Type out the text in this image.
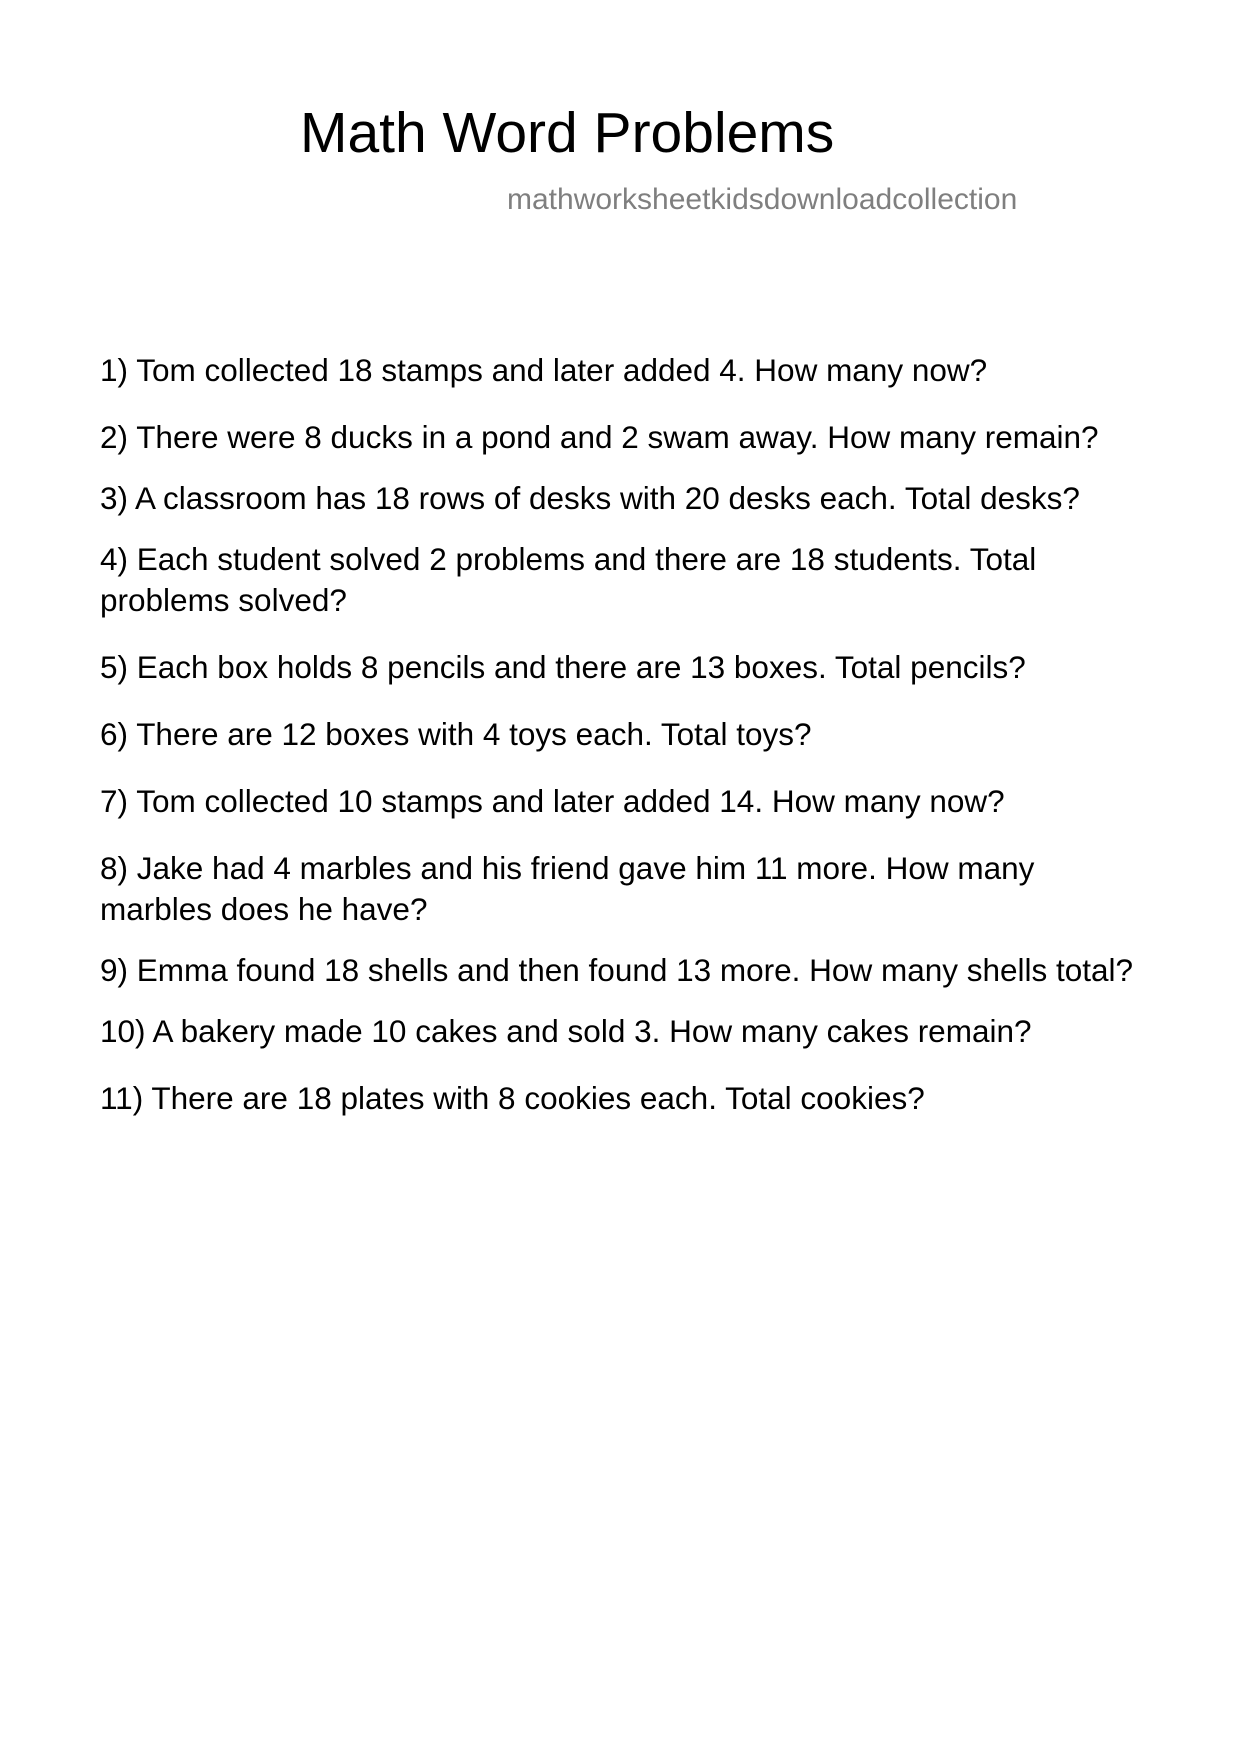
Math Word Problems
mathworksheetkidsdownloadcollection
1) Tom collected 18 stamps and later added 4. How many now?
2) There were 8 ducks in a pond and 2 swam away. How many remain?
3) A classroom has 18 rows of desks with 20 desks each. Total desks?
4) Each student solved 2 problems and there are 18 students. Total problems solved?
5) Each box holds 8 pencils and there are 13 boxes. Total pencils?
6) There are 12 boxes with 4 toys each. Total toys?
7) Tom collected 10 stamps and later added 14. How many now?
8) Jake had 4 marbles and his friend gave him 11 more. How many marbles does he have?
9) Emma found 18 shells and then found 13 more. How many shells total?
10) A bakery made 10 cakes and sold 3. How many cakes remain?
11) There are 18 plates with 8 cookies each. Total cookies?
